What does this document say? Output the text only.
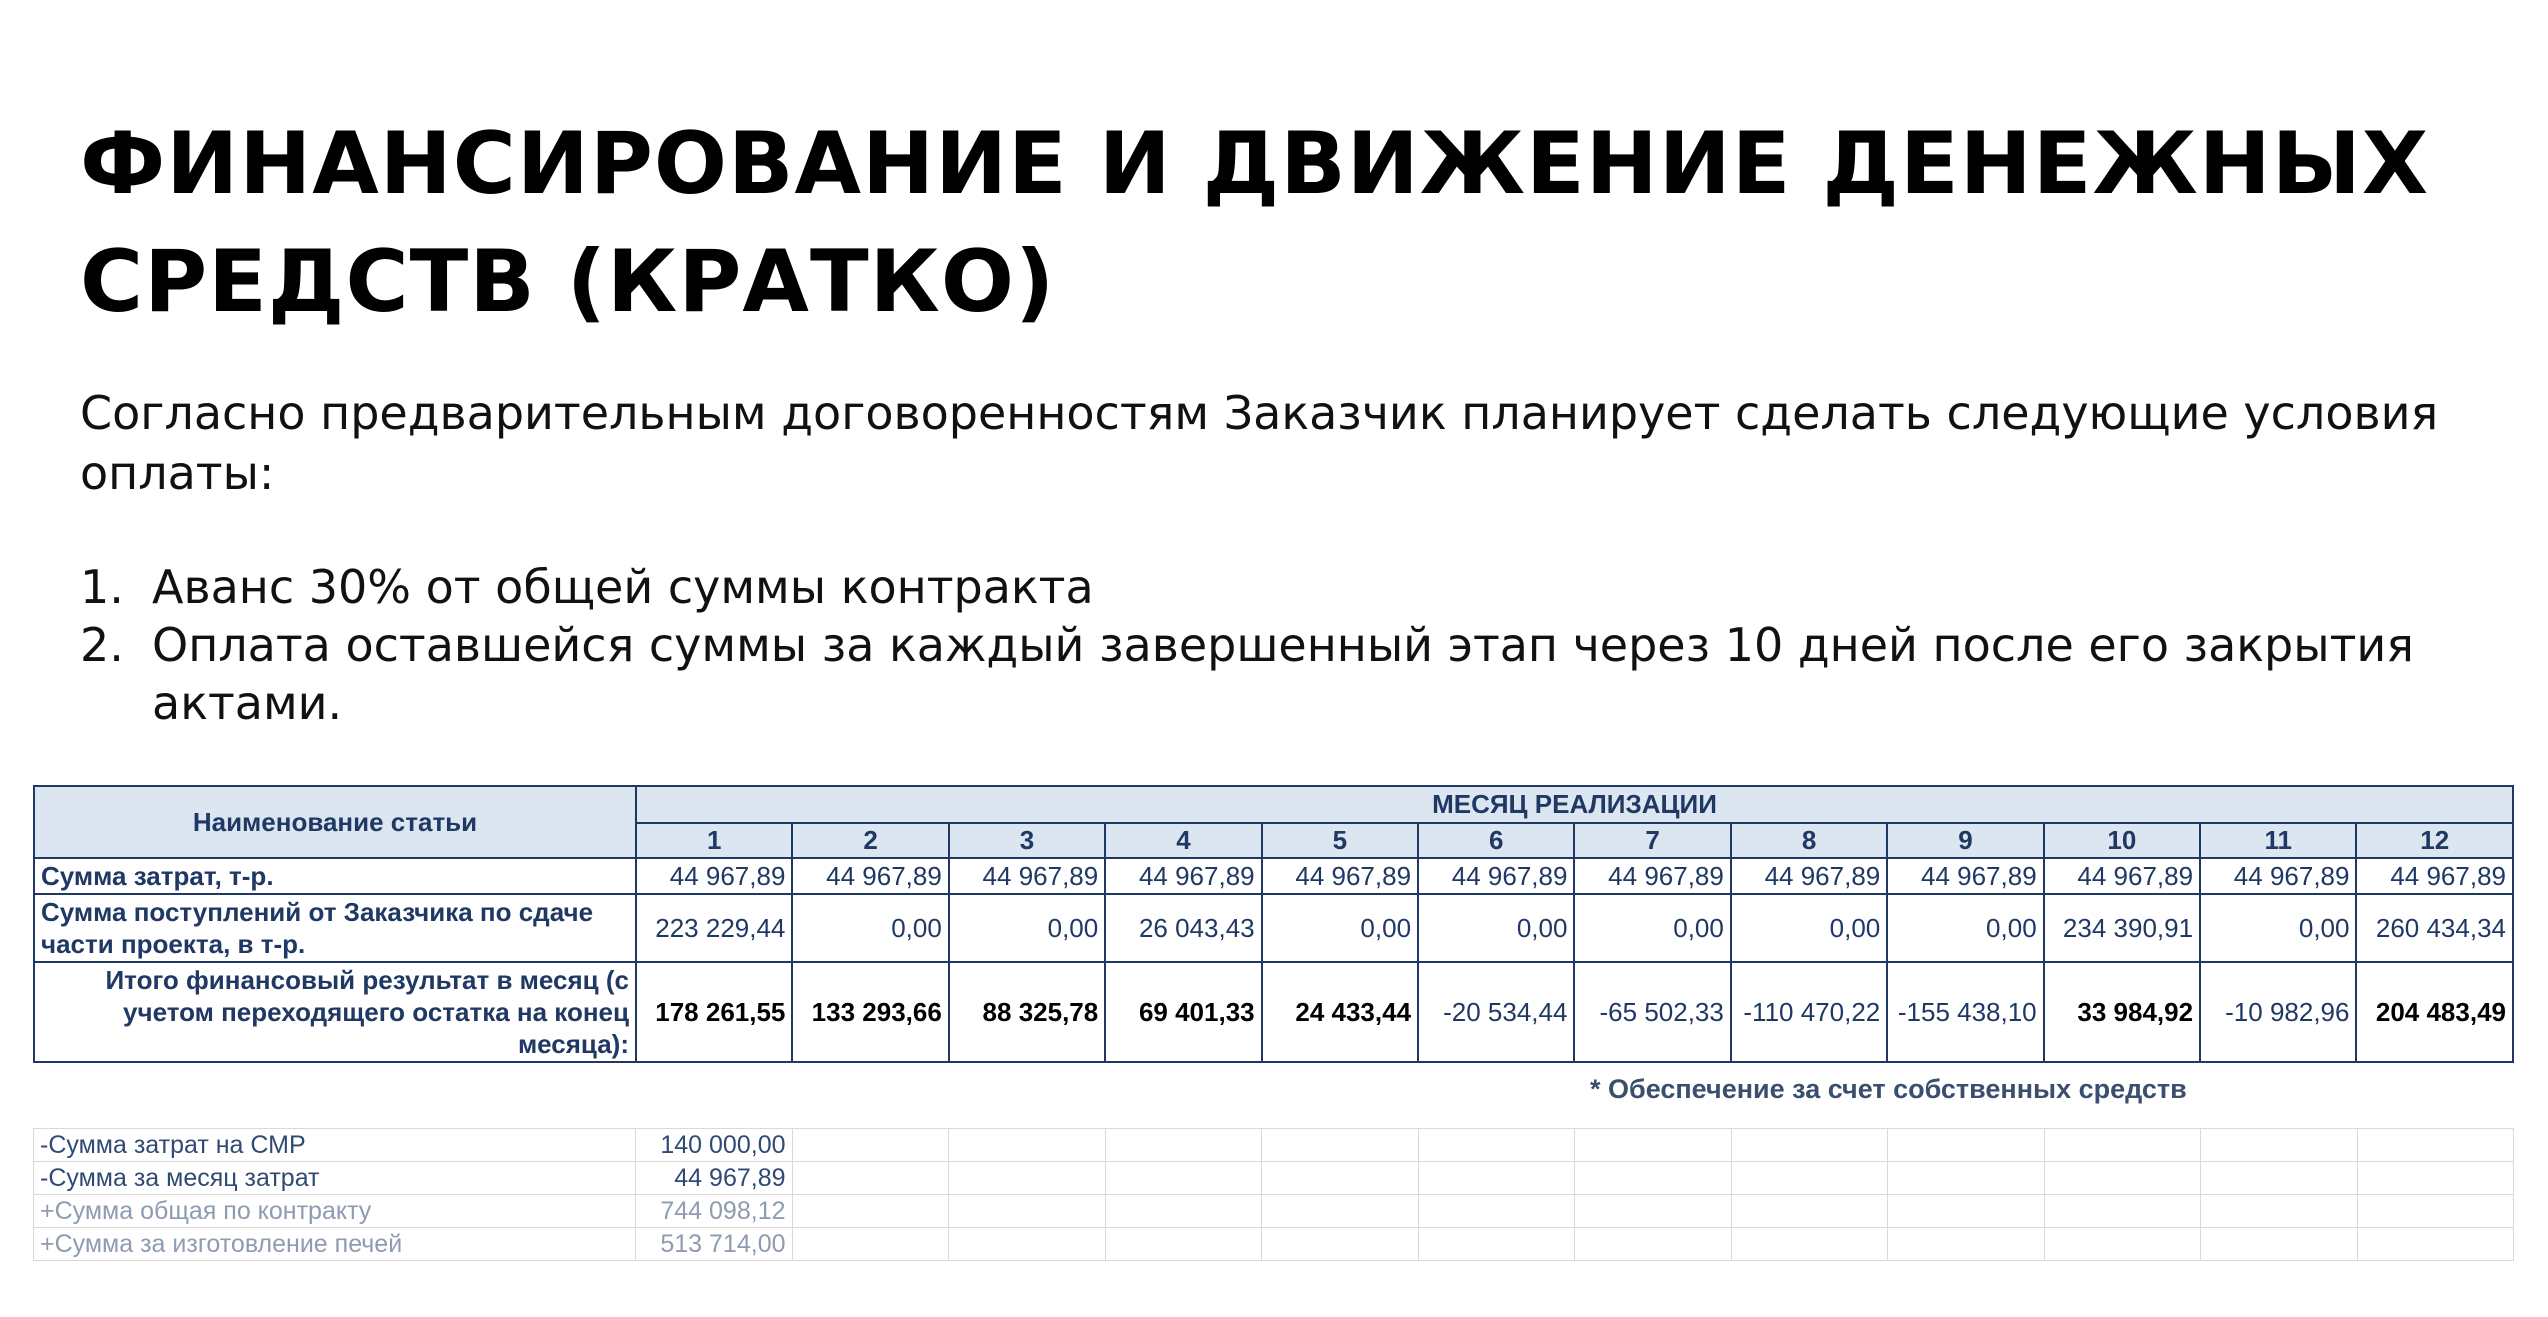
ФИНАНСИРОВАНИЕ И ДВИЖЕНИЕ ДЕНЕЖНЫХ
СРЕДСТВ (КРАТКО)

Согласно предварительным договоренностям Заказчик планирует сделать следующие условия оплаты:

1. Аванс 30% от общей суммы контракта
2. Оплата оставшейся суммы за каждый завершенный этап через 10 дней после его закрытия актами.
Наименование статьи	МЕСЯЦ РЕАЛИЗАЦИИ											
	1	2	3	4	5	6	7	8	9	10	11	12
Сумма затрат, т-р.	44 967,89	44 967,89	44 967,89	44 967,89	44 967,89	44 967,89	44 967,89	44 967,89	44 967,89	44 967,89	44 967,89	44 967,89
Сумма поступлений от Заказчика по сдаче части проекта, в т-р.	223 229,44	0,00	0,00	26 043,43	0,00	0,00	0,00	0,00	0,00	234 390,91	0,00	260 434,34
Итого финансовый результат в месяц (с учетом переходящего остатка на конец месяца):	178 261,55	133 293,66	88 325,78	69 401,33	24 433,44	-20 534,44	-65 502,33	-110 470,22	-155 438,10	33 984,92	-10 982,96	204 483,49
* Обеспечение за счет собственных средств
-Сумма затрат на СМР	140 000,00											
-Сумма за месяц затрат	44 967,89											
+Сумма общая по контракту	744 098,12											
+Сумма за изготовление печей	513 714,00											
